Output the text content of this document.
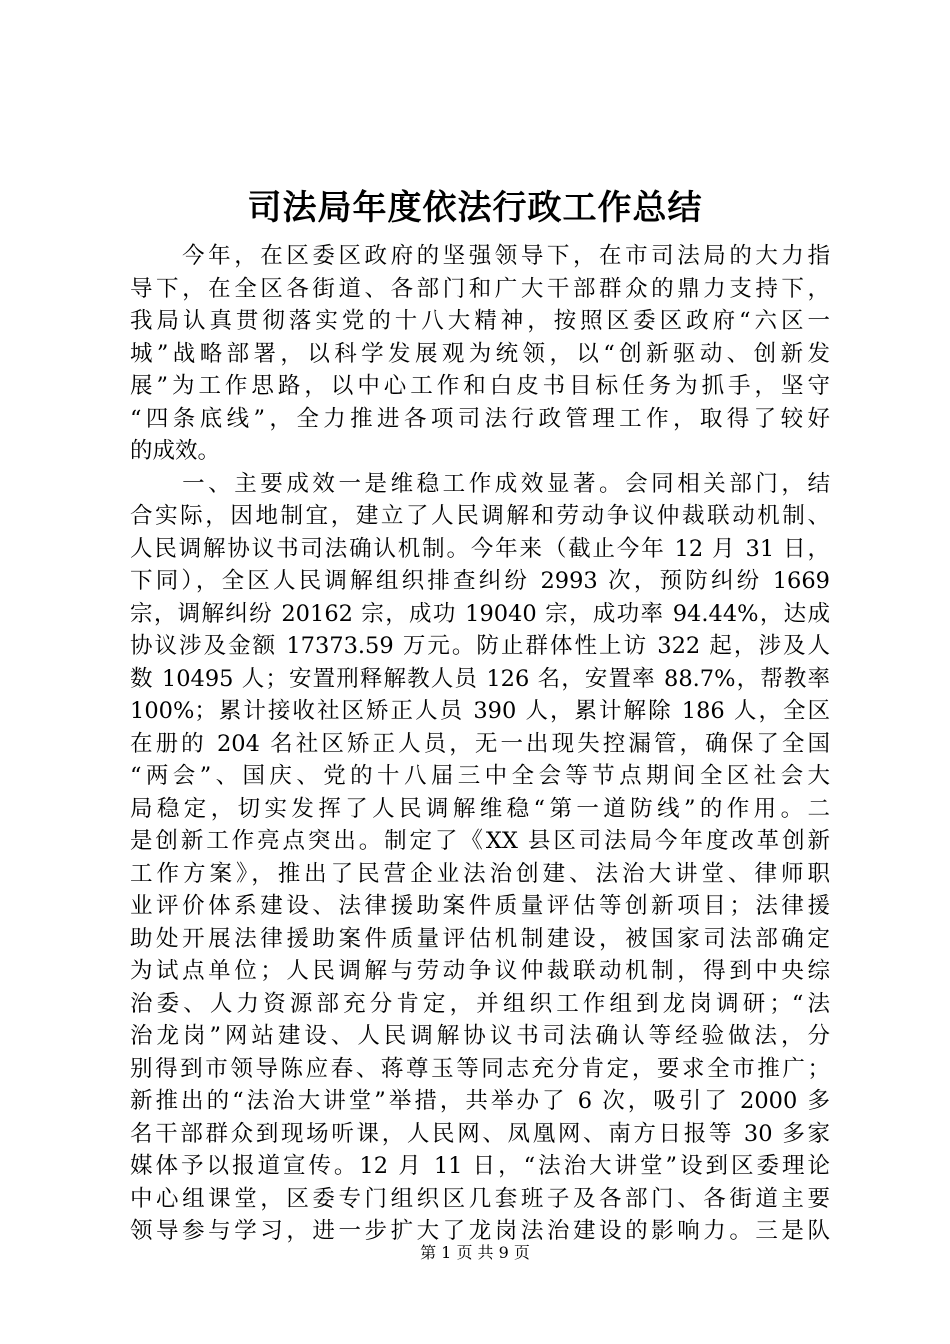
司法局年度依法行政工作总结
　　今年，在区委区政府的坚强领导下，在市司法局的大力指
导下，在全区各街道、各部门和广大干部群众的鼎力支持下，
我局认真贯彻落实党的十八大精神，按照区委区政府“六区一
城”战略部署，以科学发展观为统领，以“创新驱动、创新发
展”为工作思路，以中心工作和白皮书目标任务为抓手，坚守
“四条底线”，全力推进各项司法行政管理工作，取得了较好
的成效。
　　一、主要成效一是维稳工作成效显著。会同相关部门，结
合实际，因地制宜，建立了人民调解和劳动争议仲裁联动机制、
人民调解协议书司法确认机制。今年来（截止今年 12 月 31 日，
下同），全区人民调解组织排查纠纷 2993 次，预防纠纷 1669
宗，调解纠纷 20162 宗，成功 19040 宗，成功率 94.44%，达成
协议涉及金额 17373.59 万元。防止群体性上访 322 起，涉及人
数 10495 人；安置刑释解教人员 126 名，安置率 88.7%，帮教率
100%；累计接收社区矫正人员 390 人，累计解除 186 人，全区
在册的 204 名社区矫正人员，无一出现失控漏管，确保了全国
“两会”、国庆、党的十八届三中全会等节点期间全区社会大
局稳定，切实发挥了人民调解维稳“第一道防线”的作用。二
是创新工作亮点突出。制定了《XX 县区司法局今年度改革创新
工作方案》，推出了民营企业法治创建、法治大讲堂、律师职
业评价体系建设、法律援助案件质量评估等创新项目；法律援
助处开展法律援助案件质量评估机制建设，被国家司法部确定
为试点单位；人民调解与劳动争议仲裁联动机制，得到中央综
治委、人力资源部充分肯定，并组织工作组到龙岗调研；“法
治龙岗”网站建设、人民调解协议书司法确认等经验做法，分
别得到市领导陈应春、蒋尊玉等同志充分肯定，要求全市推广；
新推出的“法治大讲堂”举措，共举办了 6 次，吸引了 2000 多
名干部群众到现场听课，人民网、凤凰网、南方日报等 30 多家
媒体予以报道宣传。12 月 11 日，“法治大讲堂”设到区委理论
中心组课堂，区委专门组织区几套班子及各部门、各街道主要
领导参与学习，进一步扩大了龙岗法治建设的影响力。三是队
第 1 页 共 9 页
